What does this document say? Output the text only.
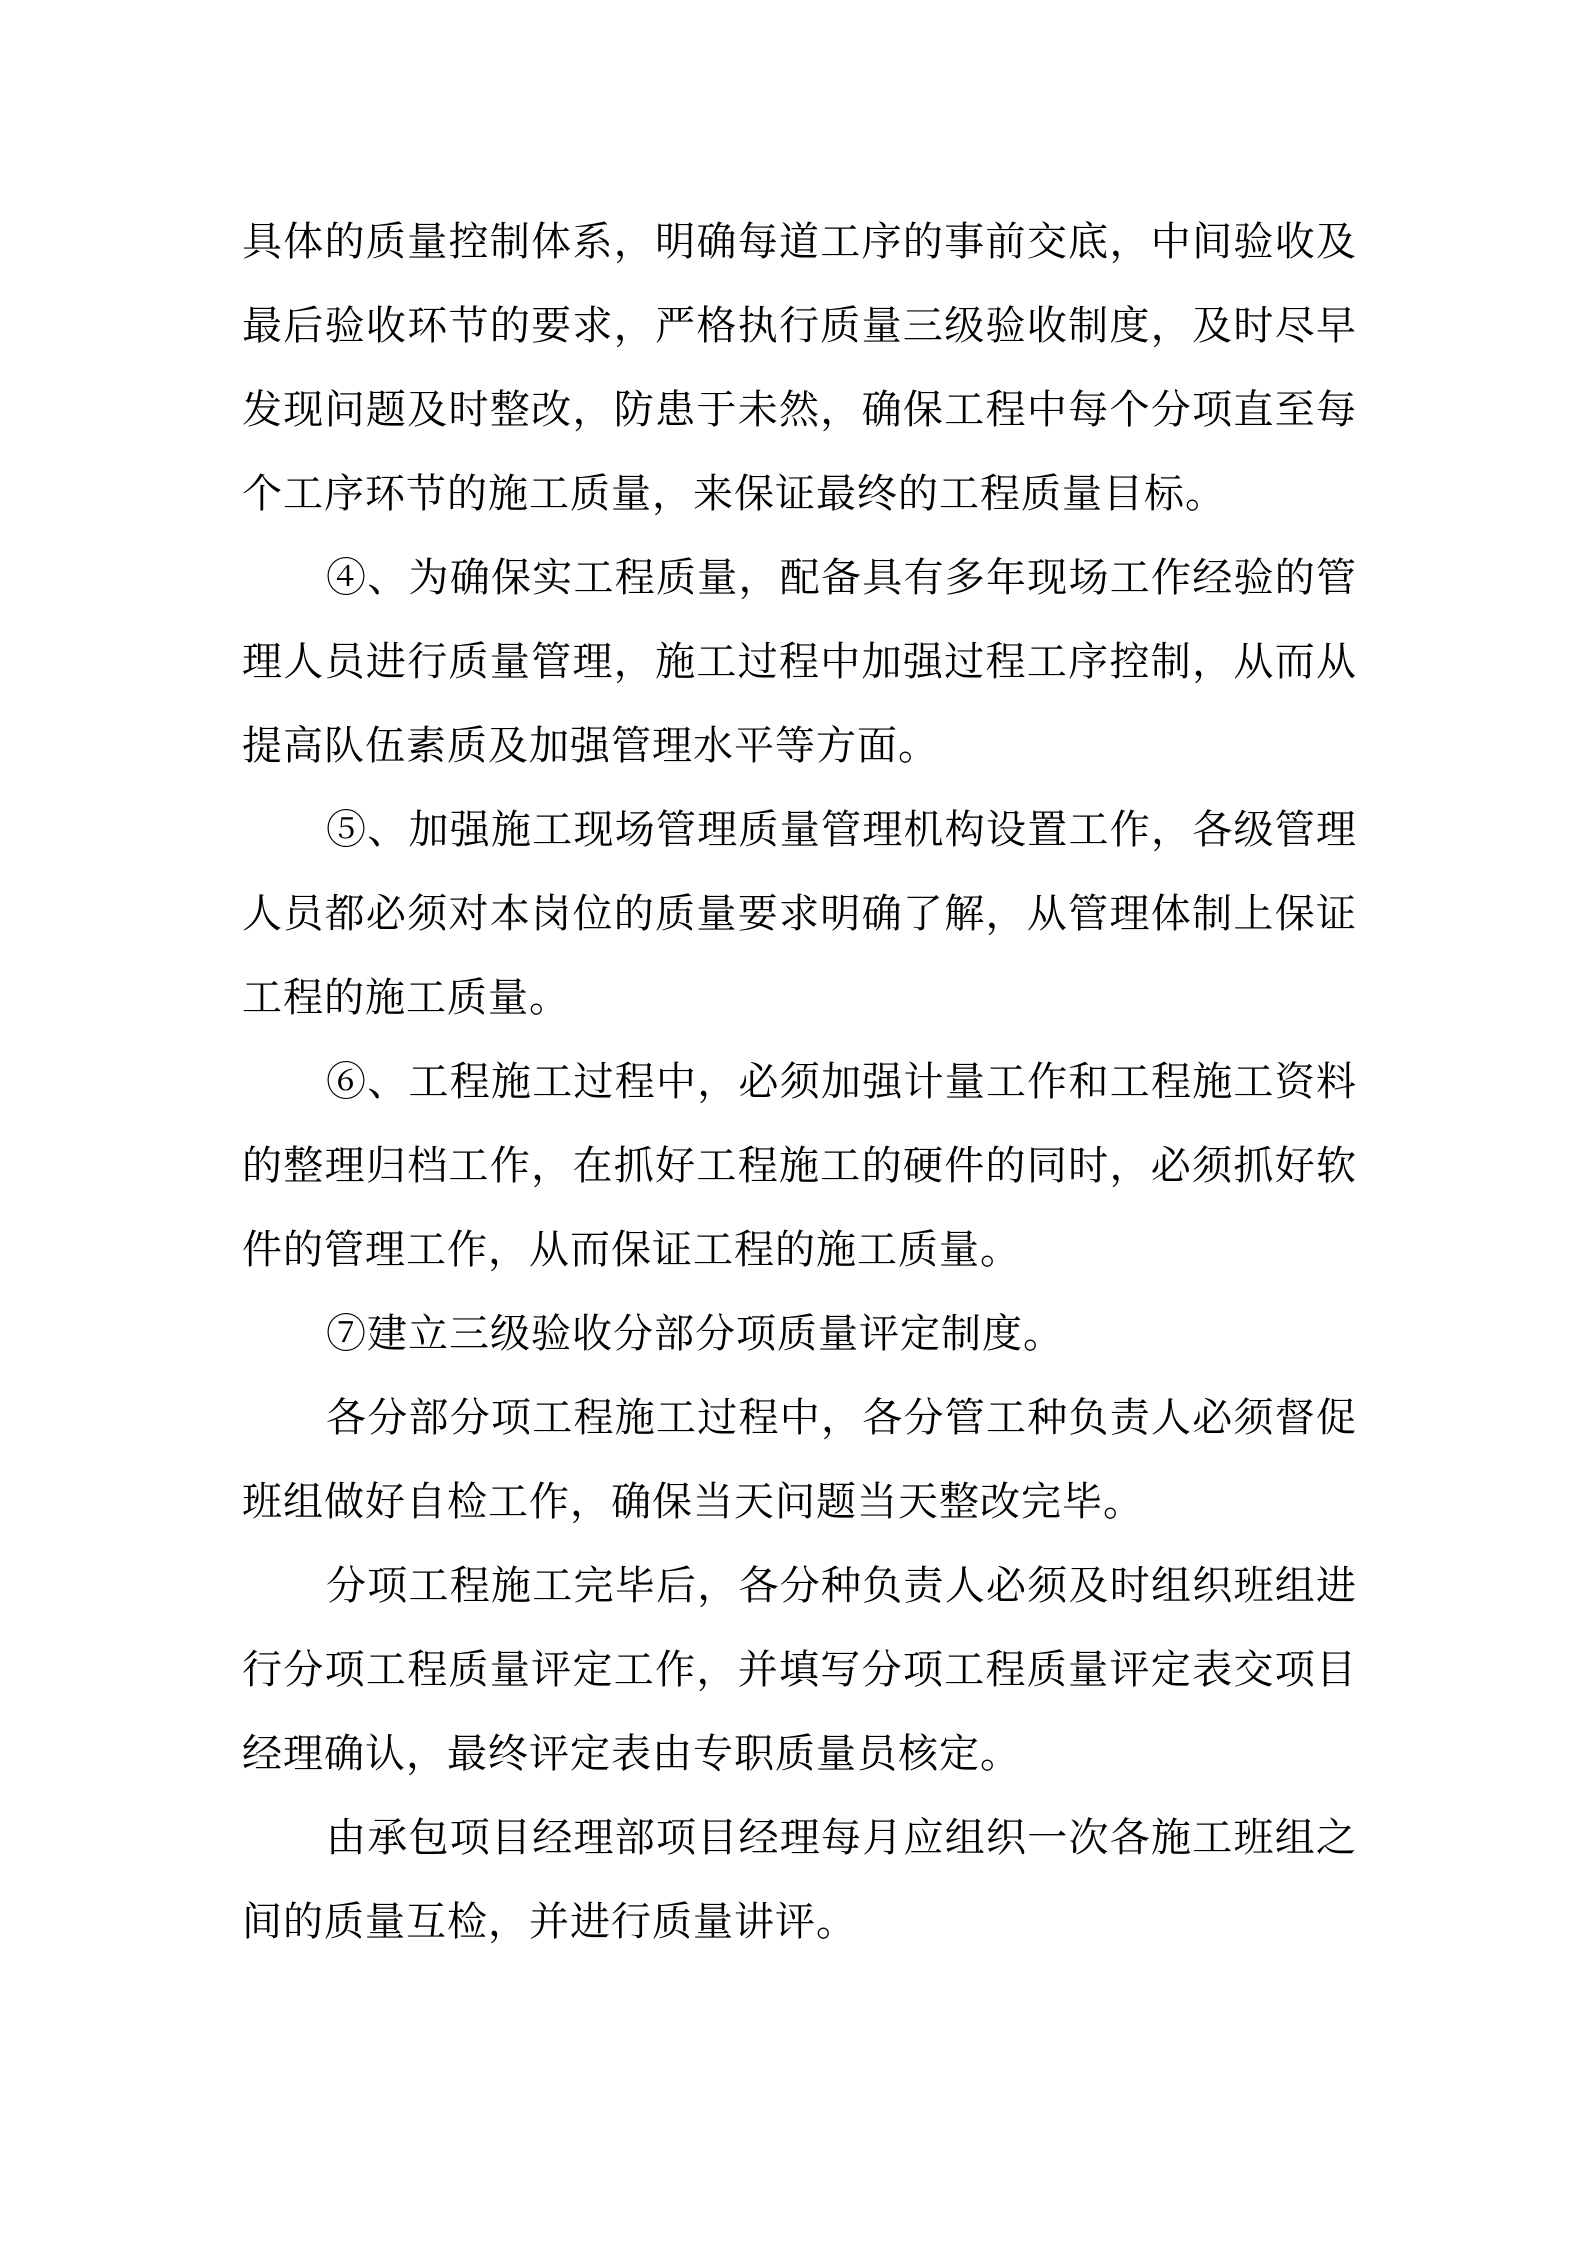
具体的质量控制体系，明确每道工序的事前交底，中间验收及最后验收环节的要求，严格执行质量三级验收制度，及时尽早发现问题及时整改，防患于未然，确保工程中每个分项直至每个工序环节的施工质量，来保证最终的工程质量目标。

④、为确保实工程质量，配备具有多年现场工作经验的管理人员进行质量管理，施工过程中加强过程工序控制，从而从提高队伍素质及加强管理水平等方面。

⑤、加强施工现场管理质量管理机构设置工作，各级管理人员都必须对本岗位的质量要求明确了解，从管理体制上保证工程的施工质量。

⑥、工程施工过程中，必须加强计量工作和工程施工资料的整理归档工作，在抓好工程施工的硬件的同时，必须抓好软件的管理工作，从而保证工程的施工质量。

⑦建立三级验收分部分项质量评定制度。

各分部分项工程施工过程中，各分管工种负责人必须督促班组做好自检工作，确保当天问题当天整改完毕。

分项工程施工完毕后，各分种负责人必须及时组织班组进行分项工程质量评定工作，并填写分项工程质量评定表交项目经理确认，最终评定表由专职质量员核定。

由承包项目经理部项目经理每月应组织一次各施工班组之间的质量互检，并进行质量讲评。
